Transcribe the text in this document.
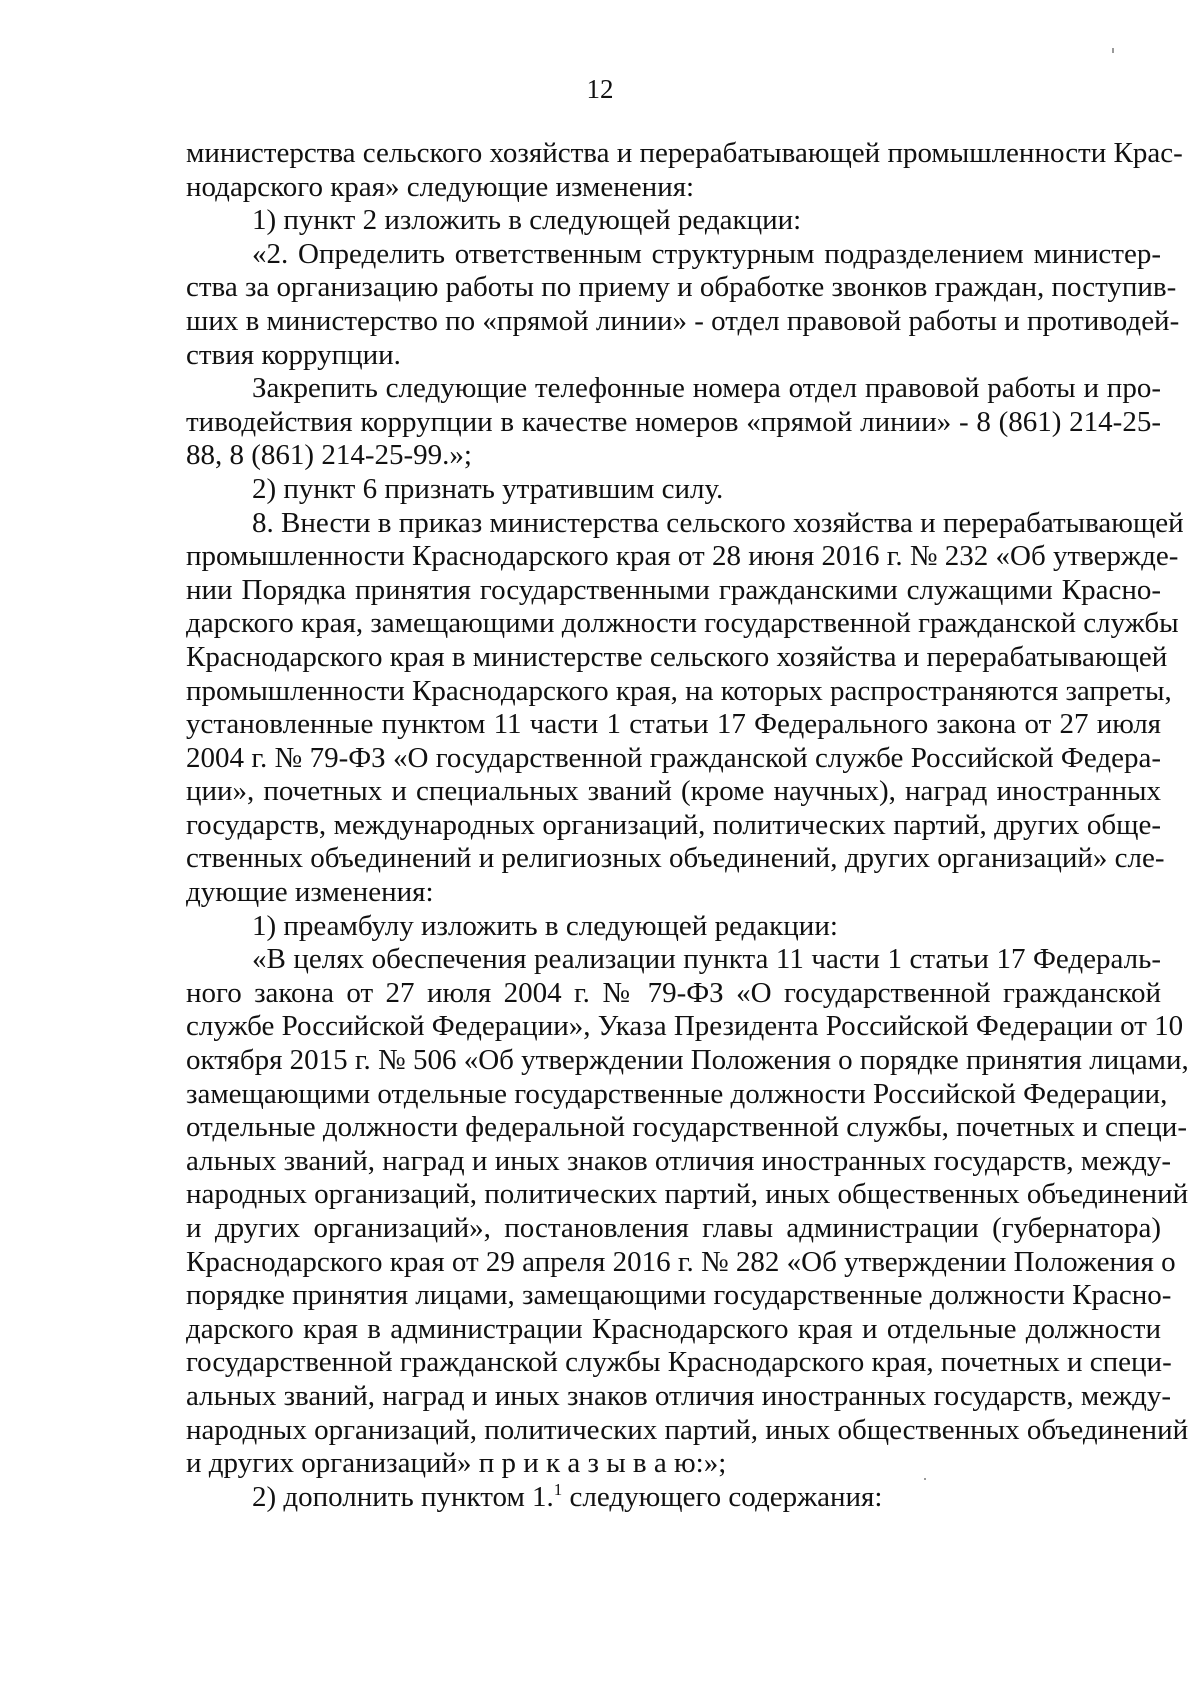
12
министерства сельского хозяйства и перерабатывающей промышленности Крас-
нодарского края» следующие изменения:
1) пункт 2 изложить в следующей редакции:
«2. Определить ответственным структурным подразделением министер-
ства за организацию работы по приему и обработке звонков граждан, поступив-
ших в министерство по «прямой линии» - отдел правовой работы и противодей-
ствия коррупции.
Закрепить следующие телефонные номера отдел правовой работы и про-
тиводействия коррупции в качестве номеров «прямой линии» - 8 (861) 214-25-
88, 8 (861) 214-25-99.»;
2) пункт 6 признать утратившим силу.
8. Внести в приказ министерства сельского хозяйства и перерабатывающей
промышленности Краснодарского края от 28 июня 2016 г. № 232 «Об утвержде-
нии Порядка принятия государственными гражданскими служащими Красно-
дарского края, замещающими должности государственной гражданской службы
Краснодарского края в министерстве сельского хозяйства и перерабатывающей
промышленности Краснодарского края, на которых распространяются запреты,
установленные пунктом 11 части 1 статьи 17 Федерального закона от 27 июля
2004 г. № 79-ФЗ «О государственной гражданской службе Российской Федера-
ции», почетных и специальных званий (кроме научных), наград иностранных
государств, международных организаций, политических партий, других обще-
ственных объединений и религиозных объединений, других организаций» сле-
дующие изменения:
1) преамбулу изложить в следующей редакции:
«В целях обеспечения реализации пункта 11 части 1 статьи 17 Федераль-
ного закона от 27 июля 2004 г. № 79-ФЗ «О государственной гражданской
службе Российской Федерации», Указа Президента Российской Федерации от 10
октября 2015 г. № 506 «Об утверждении Положения о порядке принятия лицами,
замещающими отдельные государственные должности Российской Федерации,
отдельные должности федеральной государственной службы, почетных и специ-
альных званий, наград и иных знаков отличия иностранных государств, между-
народных организаций, политических партий, иных общественных объединений
и других организаций», постановления главы администрации (губернатора)
Краснодарского края от 29 апреля 2016 г. № 282 «Об утверждении Положения о
порядке принятия лицами, замещающими государственные должности Красно-
дарского края в администрации Краснодарского края и отдельные должности
государственной гражданской службы Краснодарского края, почетных и специ-
альных званий, наград и иных знаков отличия иностранных государств, между-
народных организаций, политических партий, иных общественных объединений
и других организаций» п р и к а з ы в а ю:»;
2) дополнить пунктом 1.$^1$ следующего содержания:
